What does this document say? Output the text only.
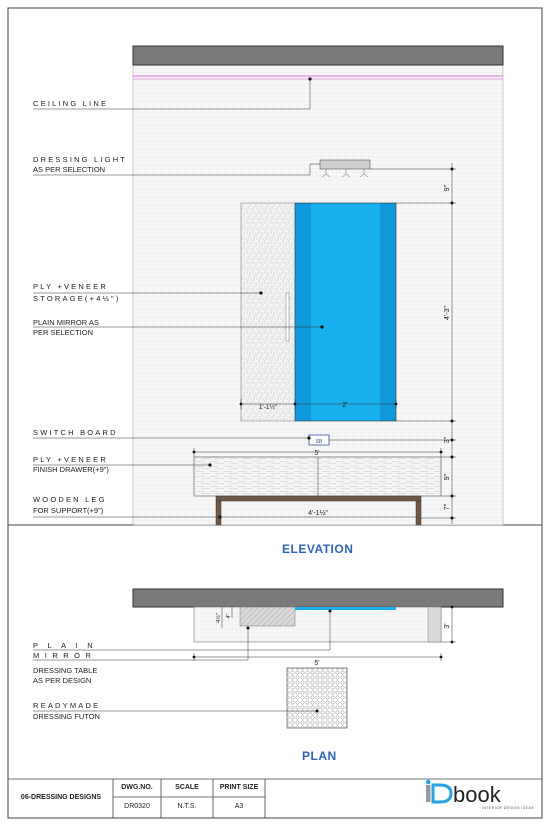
9"
4'-3"
3"
9"
7"
1'-1½"	2'
5'
4'-1½"
SB
3'
5'
4½" 4"
book
INTERIOR DESIGN IDEAS
CEILING LINE
DRESSING LIGHT
AS PER SELECTION
PLY +VENEER
STORAGE(+4½")
PLAIN MIRROR AS
PER SELECTION
SWITCH BOARD
PLY +VENEER
FINISH DRAWER(+9")
WOODEN LEG
FOR SUPPORT(+9")
ELEVATION
PLAIN
MIRROR
DRESSING TABLE
AS PER DESIGN
READYMADE
DRESSING FUTON
PLAN
06-DRESSING DESIGNS
DWG.NO.
DR0320
SCALE
N.T.S.
PRINT SIZE
A3
